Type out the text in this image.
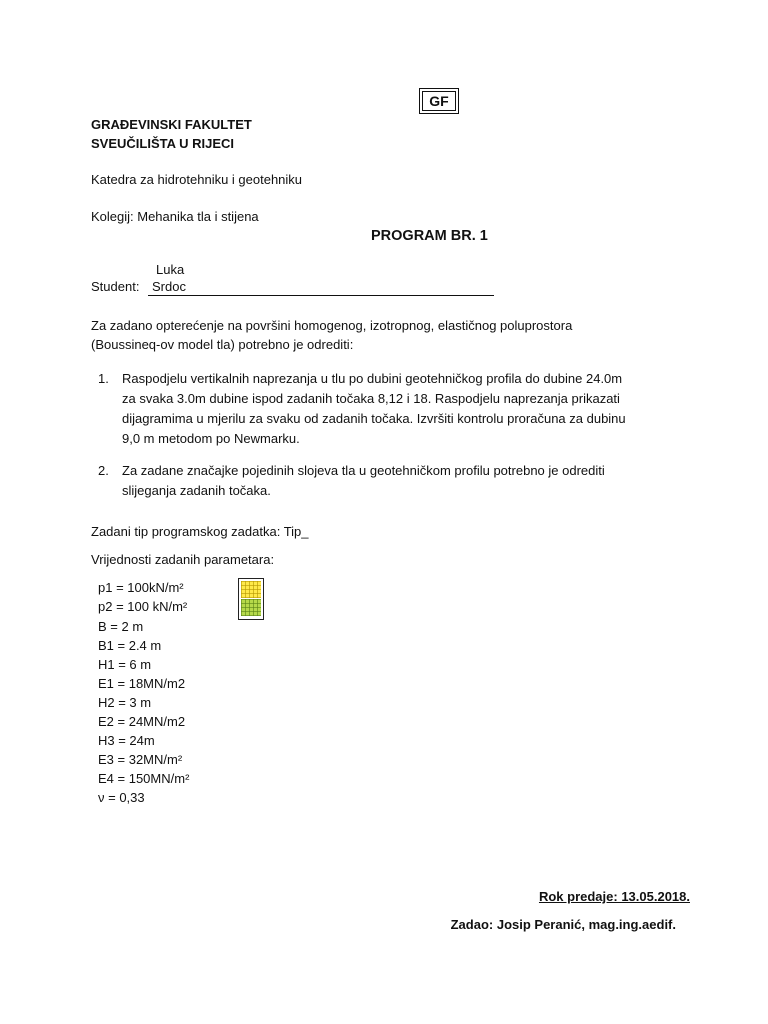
GF
GRAĐEVINSKI FAKULTET
SVEUČILIŠTA U RIJECI
Katedra za hidrotehniku i geotehniku
Kolegij: Mehanika tla i stijena
PROGRAM BR. 1
Luka
Student: Srdoc
Za zadano opterećenje na površini homogenog, izotropnog, elastičnog poluprostora
(Boussineq-ov model tla) potrebno je odrediti:
1. Raspodjelu vertikalnih naprezanja u tlu po dubini geotehničkog profila do dubine 24.0m
za svaka 3.0m dubine ispod zadanih točaka 8,12 i 18. Raspodjelu naprezanja prikazati
dijagramima u mjerilu za svaku od zadanih točaka. Izvršiti kontrolu proračuna za dubinu
9,0 m metodom po Newmarku.
2. Za zadane značajke pojedinih slojeva tla u geotehničkom profilu potrebno je odrediti
slijeganja zadanih točaka.
Zadani tip programskog zadatka: Tip_
Vrijednosti zadanih parametara:
p1 = 100kN/m²
p2 = 100 kN/m²
B = 2 m
B1 = 2.4 m
H1 = 6 m
E1 = 18MN/m2
H2 = 3 m
E2 = 24MN/m2
H3 = 24m
E3 = 32MN/m²
E4 = 150MN/m²
ν = 0,33
Rok predaje: 13.05.2018.
Zadao: Josip Peranić, mag.ing.aedif.
